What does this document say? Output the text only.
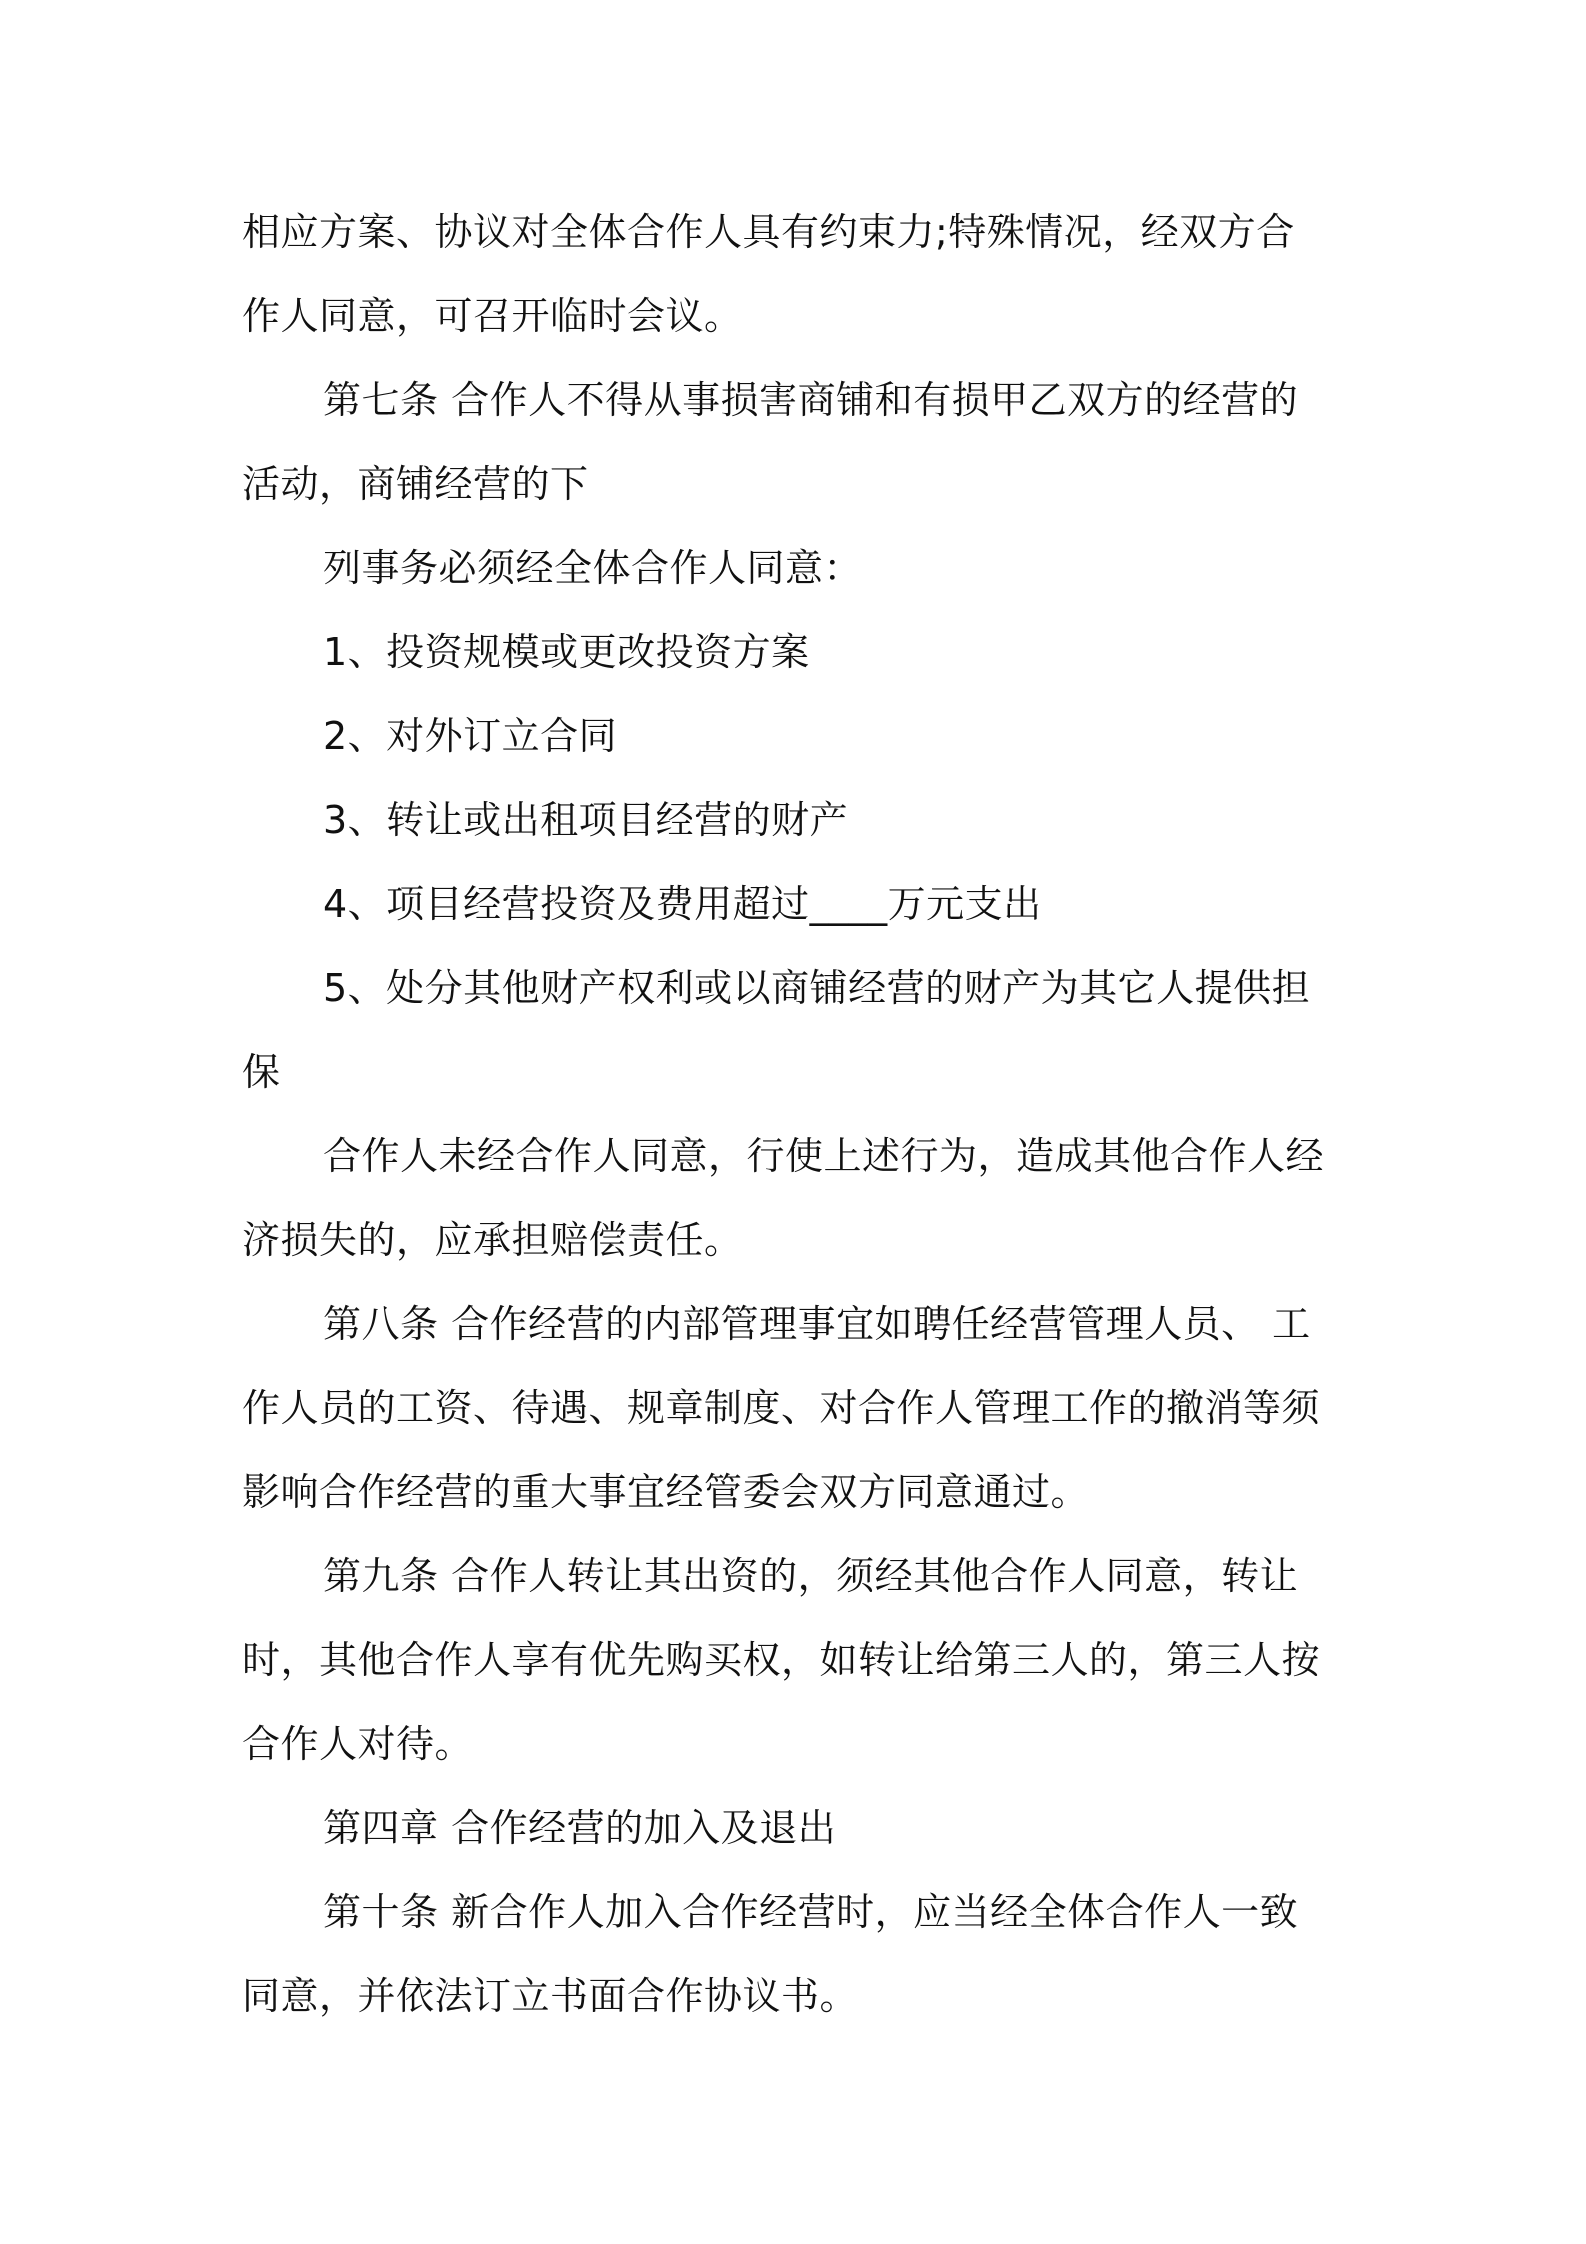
相应方案、协议对全体合作人具有约束力;特殊情况，经双方合
作人同意，可召开临时会议。
第七条 合作人不得从事损害商铺和有损甲乙双方的经营的
活动，商铺经营的下
列事务必须经全体合作人同意：
1、投资规模或更改投资方案
2、对外订立合同
3、转让或出租项目经营的财产
4、项目经营投资及费用超过____万元支出
5、处分其他财产权利或以商铺经营的财产为其它人提供担
保
合作人未经合作人同意，行使上述行为，造成其他合作人经
济损失的，应承担赔偿责任。
第八条 合作经营的内部管理事宜如聘任经营管理人员、 工
作人员的工资、待遇、规章制度、对合作人管理工作的撤消等须
影响合作经营的重大事宜经管委会双方同意通过。
第九条 合作人转让其出资的，须经其他合作人同意，转让
时，其他合作人享有优先购买权，如转让给第三人的，第三人按
合作人对待。
第四章 合作经营的加入及退出
第十条 新合作人加入合作经营时，应当经全体合作人一致
同意，并依法订立书面合作协议书。
